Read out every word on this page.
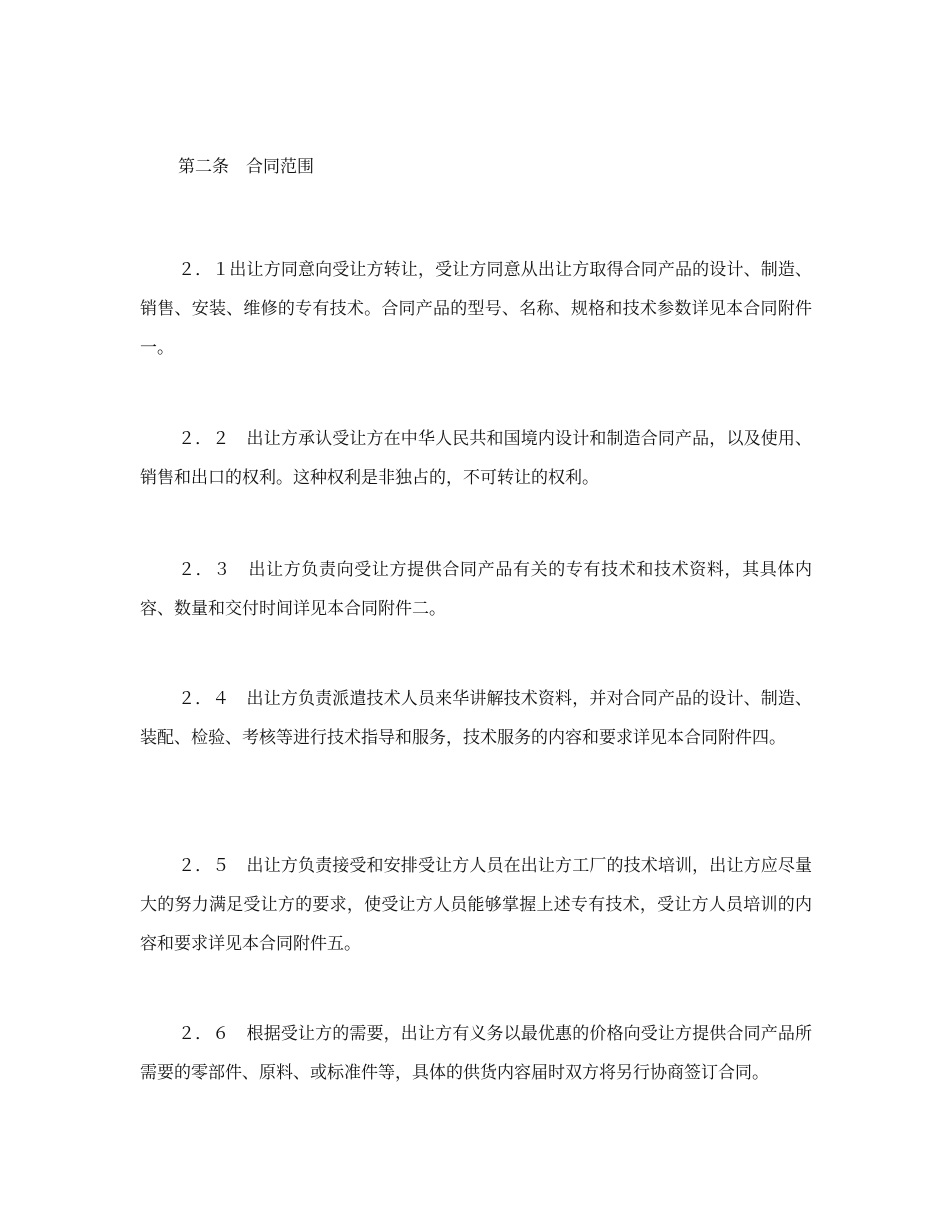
第二条　合同范围

２．１出让方同意向受让方转让，受让方同意从出让方取得合同产品的设计、制造、销售、安装、维修的专有技术。合同产品的型号、名称、规格和技术参数详见本合同附件一。

２．２　出让方承认受让方在中华人民共和国境内设计和制造合同产品，以及使用、销售和出口的权利。这种权利是非独占的，不可转让的权利。

２．３　出让方负责向受让方提供合同产品有关的专有技术和技术资料，其具体内容、数量和交付时间详见本合同附件二。

２．４　出让方负责派遣技术人员来华讲解技术资料，并对合同产品的设计、制造、装配、检验、考核等进行技术指导和服务，技术服务的内容和要求详见本合同附件四。

２．５　出让方负责接受和安排受让方人员在出让方工厂的技术培训，出让方应尽量大的努力满足受让方的要求，使受让方人员能够掌握上述专有技术，受让方人员培训的内容和要求详见本合同附件五。

２．６　根据受让方的需要，出让方有义务以最优惠的价格向受让方提供合同产品所需要的零部件、原料、或标准件等，具体的供货内容届时双方将另行协商签订合同。
